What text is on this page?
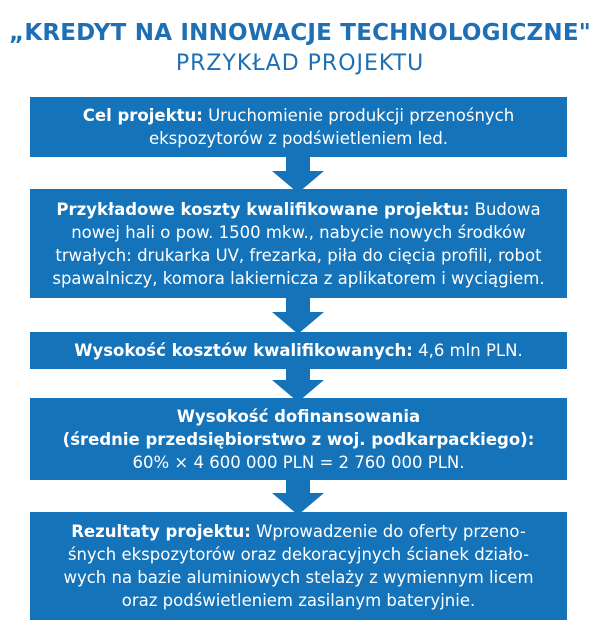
„KREDYT NA INNOWACJE TECHNOLOGICZNE"
PRZYKŁAD PROJEKTU
Cel projektu: Uruchomienie produkcji przenośnych
ekspozytorów z podświetleniem led.
Przykładowe koszty kwalifikowane projektu: Budowa
nowej hali o pow. 1500 mkw., nabycie nowych środków
trwałych: drukarka UV, frezarka, piła do cięcia profili, robot
spawalniczy, komora lakiernicza z aplikatorem i wyciągiem.
Wysokość kosztów kwalifikowanych: 4,6 mln PLN.
Wysokość dofinansowania
(średnie przedsiębiorstwo z woj. podkarpackiego):
60% × 4 600 000 PLN = 2 760 000 PLN.
Rezultaty projektu: Wprowadzenie do oferty przeno-
śnych ekspozytorów oraz dekoracyjnych ścianek działo-
wych na bazie aluminiowych stelaży z wymiennym licem
oraz podświetleniem zasilanym bateryjnie.
